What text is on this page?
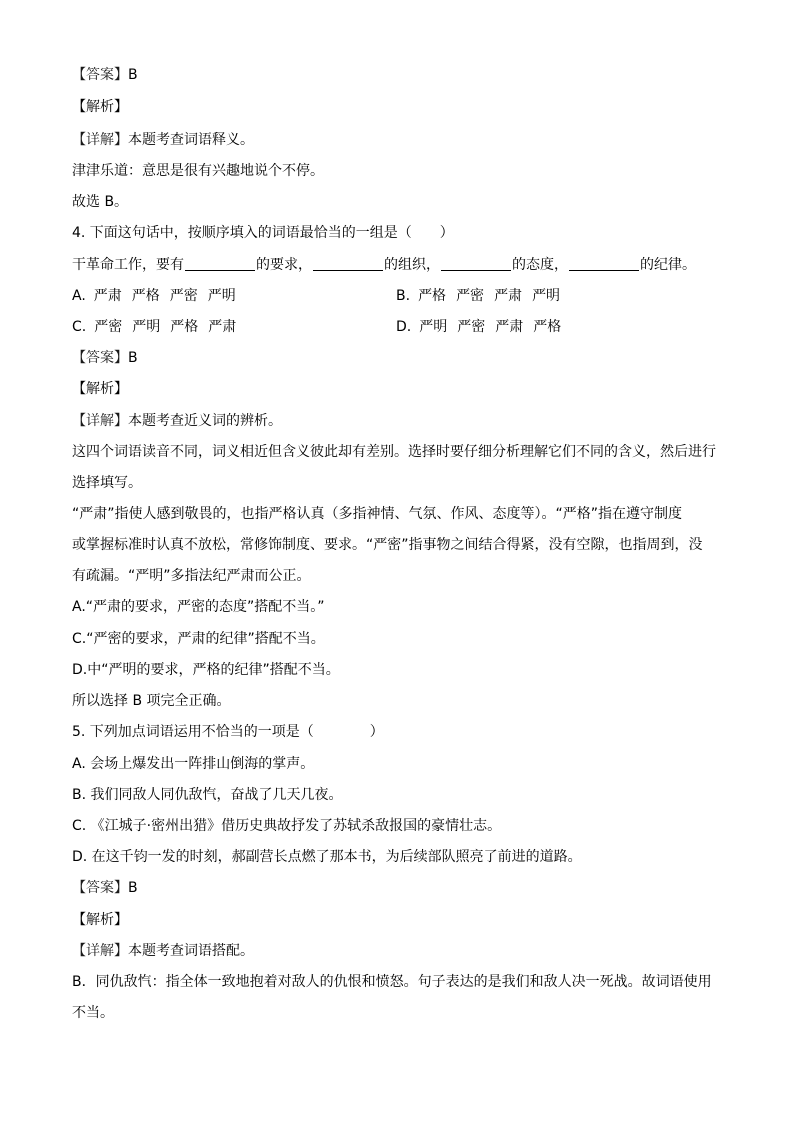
【答案】B
【解析】
【详解】本题考查词语释义。
津津乐道：意思是很有兴趣地说个不停。
故选 B。
4. 下面这句话中，按顺序填入的词语最恰当的一组是（　　）
干革命工作，要有	的要求，	的组织，	的态度，	的纪律。
A. 严肃 严格 严密 严明	B. 严格 严密 严肃 严明
C. 严密 严明 严格 严肃	D. 严明 严密 严肃 严格
【答案】B
【解析】
【详解】本题考查近义词的辨析。
这四个词语读音不同，词义相近但含义彼此却有差别。选择时要仔细分析理解它们不同的含义，然后进行
选择填写。
“严肃”指使人感到敬畏的，也指严格认真（多指神情、气氛、作风、态度等）。“严格”指在遵守制度
或掌握标准时认真不放松，常修饰制度、要求。“严密”指事物之间结合得紧，没有空隙，也指周到，没
有疏漏。“严明”多指法纪严肃而公正。
A.“严肃的要求，严密的态度”搭配不当。”
C.“严密的要求，严肃的纪律”搭配不当。
D.中“严明的要求，严格的纪律”搭配不当。
所以选择 B 项完全正确。
5. 下列加点词语运用不恰当的一项是（　　　　）
A. 会场上爆发出一阵排山倒海的掌声。
B. 我们同敌人同仇敌忾，奋战了几天几夜。
C. 《江城子·密州出猎》借历史典故抒发了苏轼杀敌报国的豪情壮志。
D. 在这千钧一发的时刻，郝副营长点燃了那本书，为后续部队照亮了前进的道路。
【答案】B
【解析】
【详解】本题考查词语搭配。
B．同仇敌忾：指全体一致地抱着对敌人的仇恨和愤怒。句子表达的是我们和敌人决一死战。故词语使用
不当。
